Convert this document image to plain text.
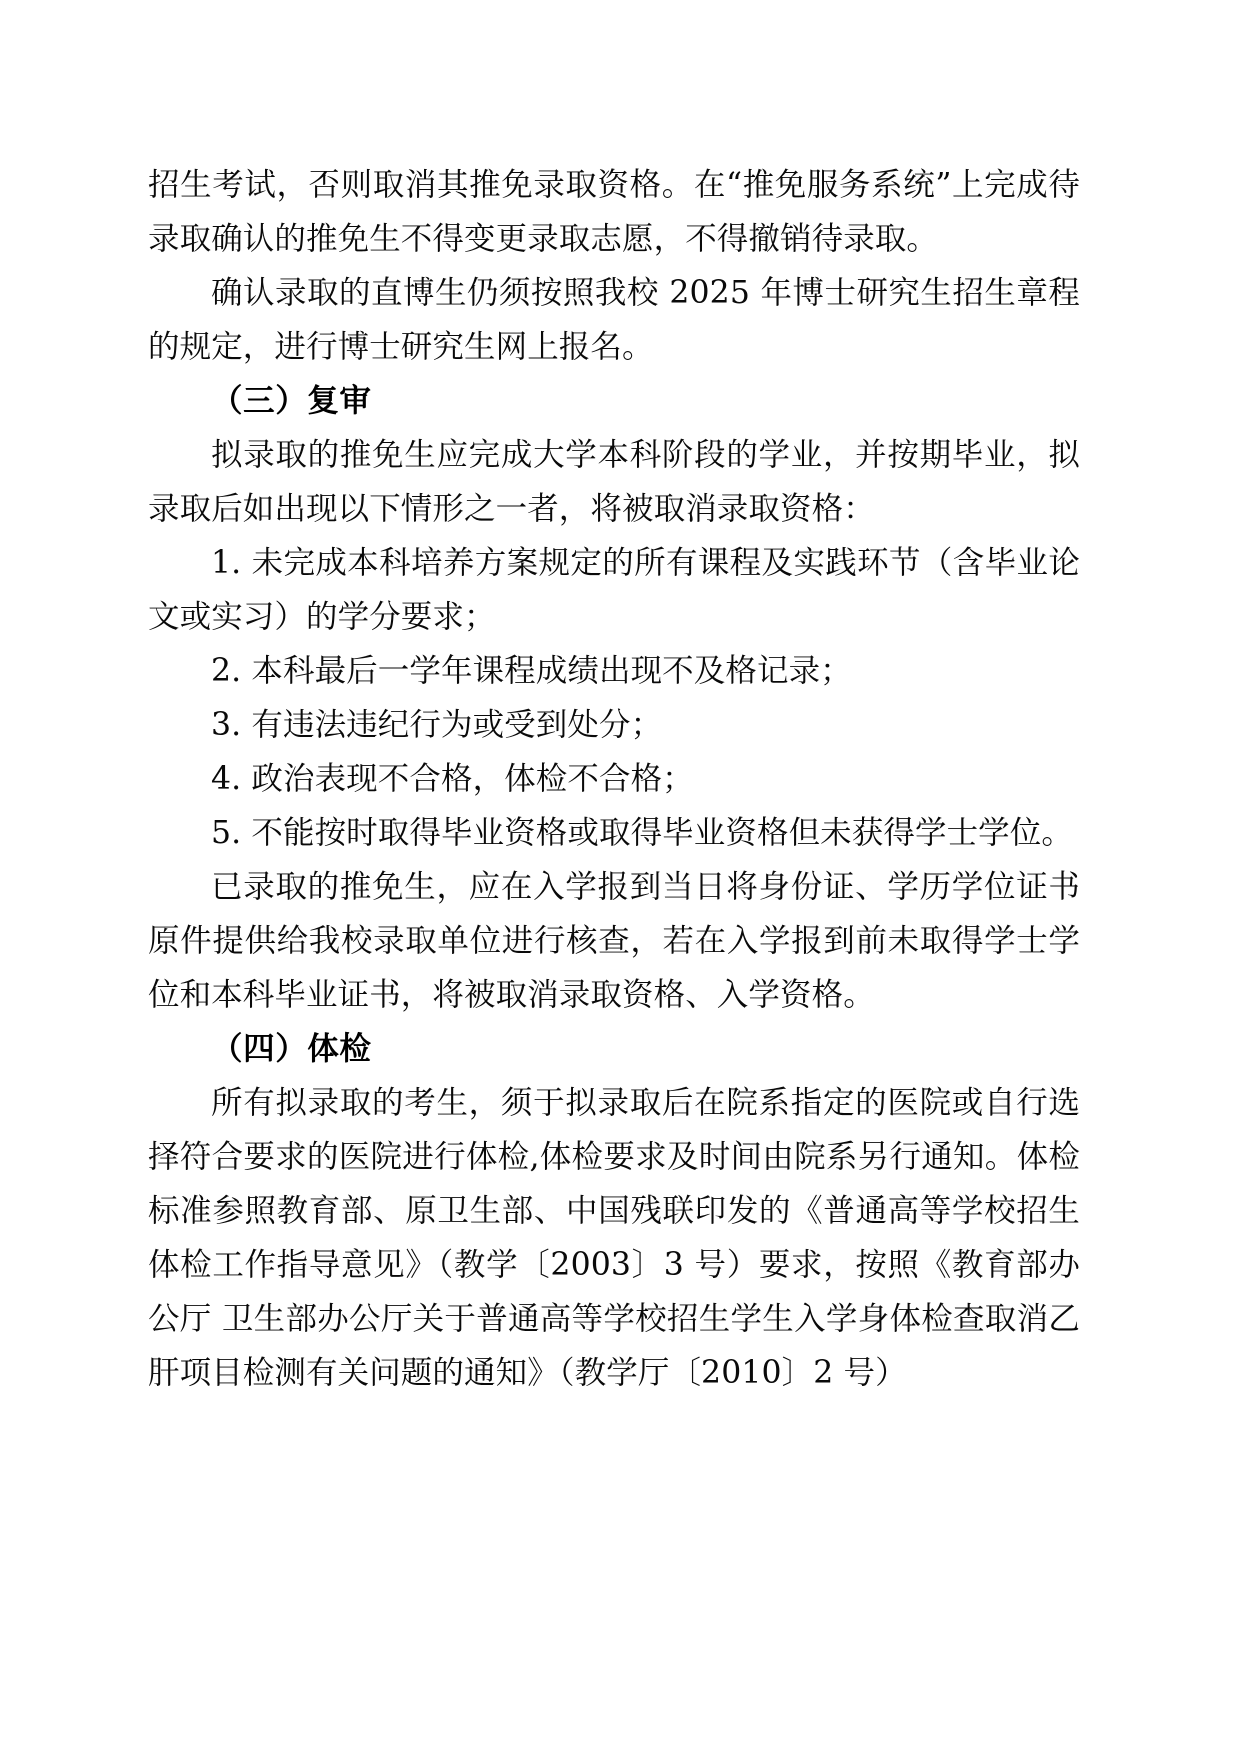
招生考试，否则取消其推免录取资格。在“推免服务系统”上完成待录取确认的推免生不得变更录取志愿，不得撤销待录取。

确认录取的直博生仍须按照我校 2025 年博士研究生招生章程的规定，进行博士研究生网上报名。

（三）复审

拟录取的推免生应完成大学本科阶段的学业，并按期毕业，拟录取后如出现以下情形之一者，将被取消录取资格：

1. 未完成本科培养方案规定的所有课程及实践环节（含毕业论文或实习）的学分要求；

2. 本科最后一学年课程成绩出现不及格记录；

3. 有违法违纪行为或受到处分；

4. 政治表现不合格，体检不合格；

5. 不能按时取得毕业资格或取得毕业资格但未获得学士学位。

已录取的推免生，应在入学报到当日将身份证、学历学位证书原件提供给我校录取单位进行核查，若在入学报到前未取得学士学位和本科毕业证书，将被取消录取资格、入学资格。

（四）体检

所有拟录取的考生，须于拟录取后在院系指定的医院或自行选择符合要求的医院进行体检,体检要求及时间由院系另行通知。体检标准参照教育部、原卫生部、中国残联印发的《普通高等学校招生体检工作指导意见》（教学〔2003〕3 号）要求，按照《教育部办公厅 卫生部办公厅关于普通高等学校招生学生入学身体检查取消乙肝项目检测有关问题的通知》（教学厅〔2010〕2 号）
